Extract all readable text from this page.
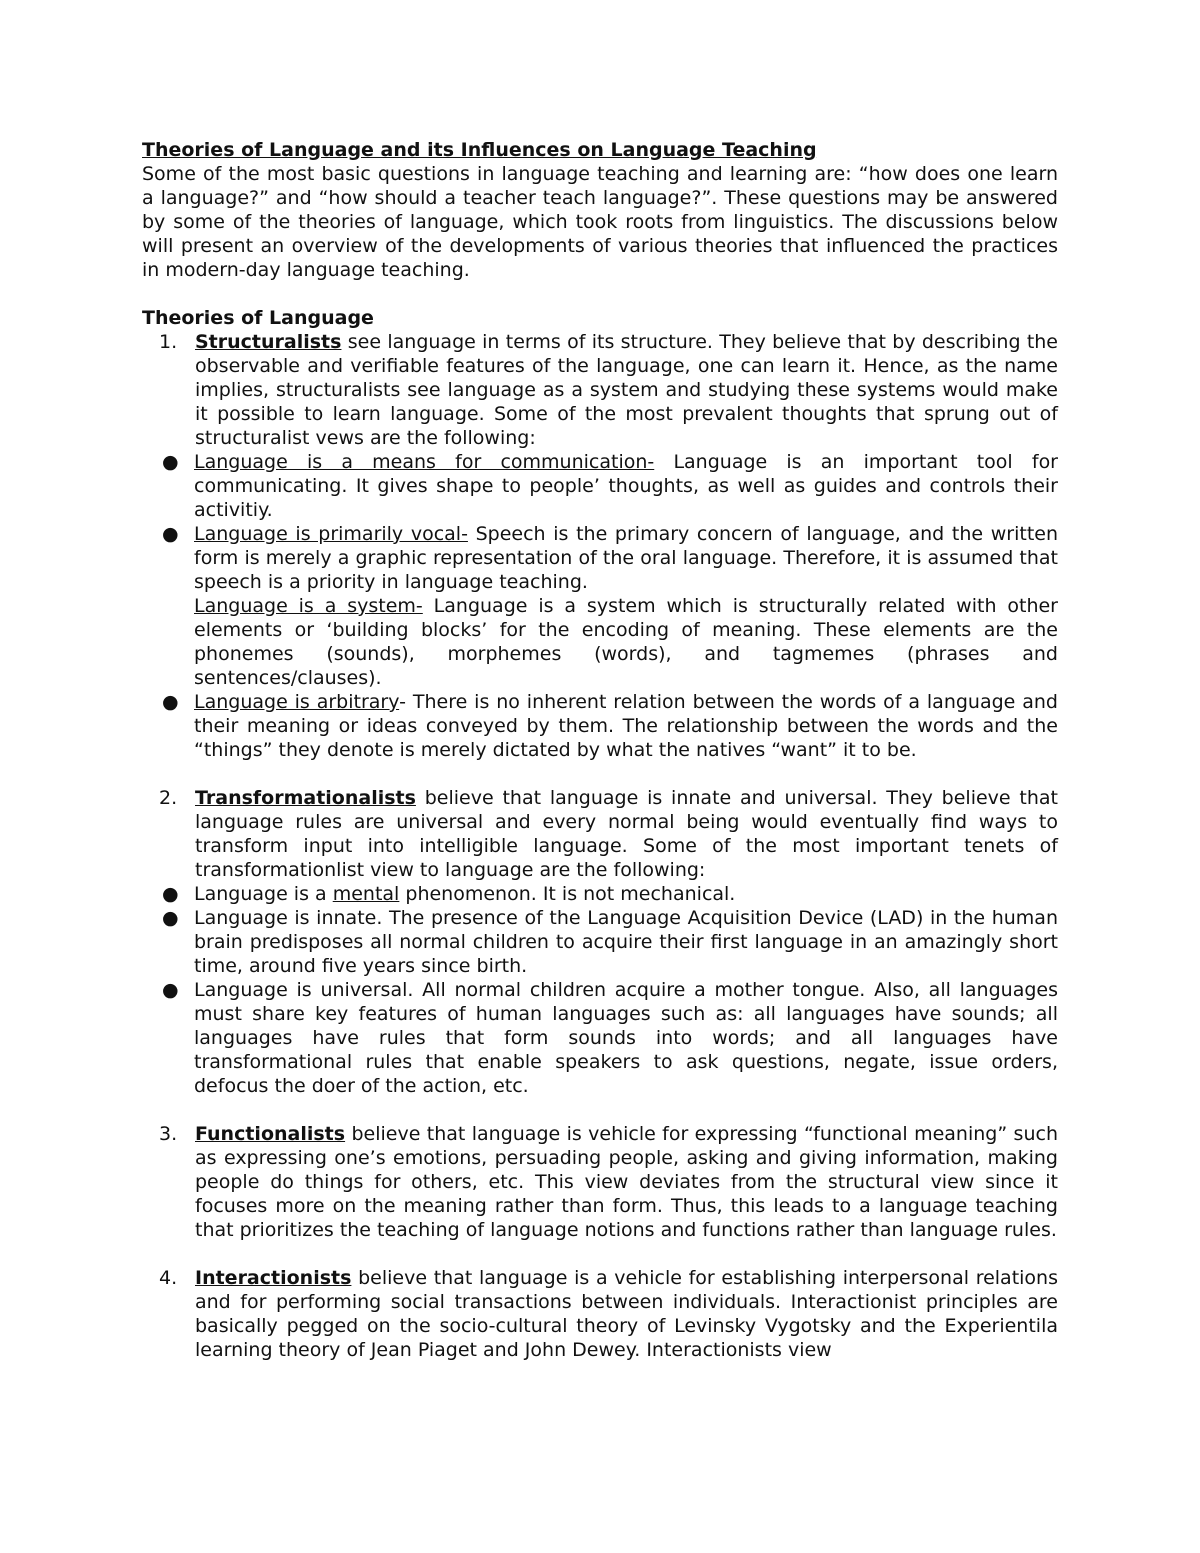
Theories of Language and its Influences on Language Teaching

Some of the most basic questions in language teaching and learning are: “how does one learn a language?” and “how should a teacher teach language?”. These questions may be answered by some of the theories of language, which took roots from linguistics. The discussions below will present an overview of the developments of various theories that influenced the practices in modern-day language teaching.

Theories of Language

1. Structuralists see language in terms of its structure. They believe that by describing the observable and verifiable features of the language, one can learn it. Hence, as the name implies, structuralists see language as a system and studying these systems would make it possible to learn language. Some of the most prevalent thoughts that sprung out of structuralist vews are the following:
● Language is a means for communication- Language is an important tool for communicating. It gives shape to people’ thoughts, as well as guides and controls their activitiy.
● Language is primarily vocal- Speech is the primary concern of language, and the written form is merely a graphic representation of the oral language. Therefore, it is assumed that speech is a priority in language teaching.
Language is a system- Language is a system which is structurally related with other elements or ‘building blocks’ for the encoding of meaning. These elements are the phonemes (sounds), morphemes (words), and tagmemes (phrases and sentences/clauses).
● Language is arbitrary- There is no inherent relation between the words of a language and their meaning or ideas conveyed by them. The relationship between the words and the “things” they denote is merely dictated by what the natives “want” it to be.
2. Transformationalists believe that language is innate and universal. They believe that language rules are universal and every normal being would eventually find ways to transform input into intelligible language. Some of the most important tenets of transformationlist view to language are the following:
● Language is a mental phenomenon. It is not mechanical.
● Language is innate. The presence of the Language Acquisition Device (LAD) in the human brain predisposes all normal children to acquire their first language in an amazingly short time, around five years since birth.
● Language is universal. All normal children acquire a mother tongue. Also, all languages must share key features of human languages such as: all languages have sounds; all languages have rules that form sounds into words; and all languages have transformational rules that enable speakers to ask questions, negate, issue orders, defocus the doer of the action, etc.
3. Functionalists believe that language is vehicle for expressing “functional meaning” such as expressing one’s emotions, persuading people, asking and giving information, making people do things for others, etc. This view deviates from the structural view since it focuses more on the meaning rather than form. Thus, this leads to a language teaching that prioritizes the teaching of language notions and functions rather than language rules.
4. Interactionists believe that language is a vehicle for establishing interpersonal relations and for performing social transactions between individuals. Interactionist principles are basically pegged on the socio-cultural theory of Levinsky Vygotsky and the Experientila learning theory of Jean Piaget and John Dewey. Interactionists view
